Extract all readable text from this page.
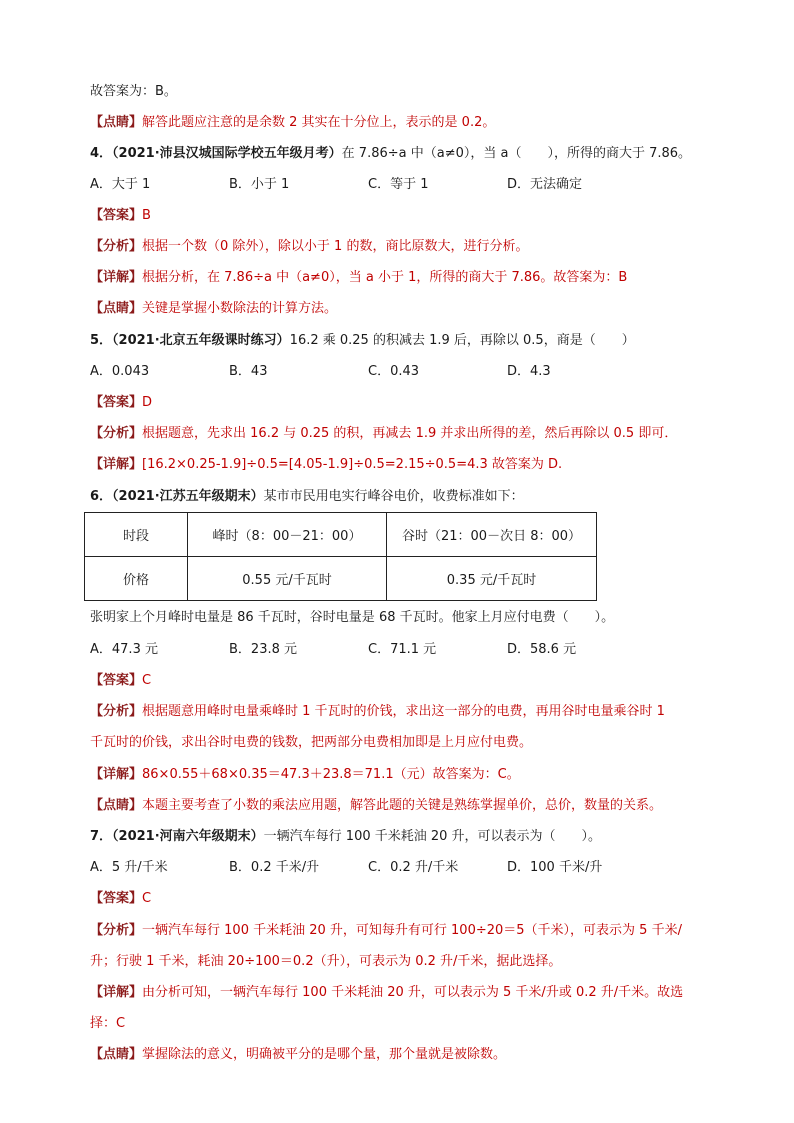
故答案为：B。
【点睛】解答此题应注意的是余数 2 其实在十分位上，表示的是 0.2。
4．（2021·沛县汉城国际学校五年级月考）在 7.86÷a 中（a≠0），当 a（　　），所得的商大于 7.86。
A．大于 1	B．小于 1	C．等于 1	D．无法确定
【答案】B
【分析】根据一个数（0 除外），除以小于 1 的数，商比原数大，进行分析。
【详解】根据分析，在 7.86÷a 中（a≠0），当 a 小于 1，所得的商大于 7.86。故答案为：B
【点睛】关键是掌握小数除法的计算方法。
5．（2021·北京五年级课时练习）16.2 乘 0.25 的积减去 1.9 后，再除以 0.5，商是（　　）
A．0.043	B．43	C．0.43	D．4.3
【答案】D
【分析】根据题意，先求出 16.2 与 0.25 的积，再减去 1.9 并求出所得的差，然后再除以 0.5 即可．
【详解】[16.2×0.25-1.9]÷0.5=[4.05-1.9]÷0.5=2.15÷0.5=4.3 故答案为 D.
6．（2021·江苏五年级期末）某市市民用电实行峰谷电价，收费标准如下：
时段	峰时（8：00－21：00）	谷时（21：00－次日 8：00）
价格	0.55 元/千瓦时	0.35 元/千瓦时
张明家上个月峰时电量是 86 千瓦时，谷时电量是 68 千瓦时。他家上月应付电费（　　）。
A．47.3 元	B．23.8 元	C．71.1 元	D．58.6 元
【答案】C
【分析】根据题意用峰时电量乘峰时 1 千瓦时的价钱，求出这一部分的电费，再用谷时电量乘谷时 1
千瓦时的价钱，求出谷时电费的钱数，把两部分电费相加即是上月应付电费。
【详解】86×0.55＋68×0.35＝47.3＋23.8＝71.1（元）故答案为：C。
【点睛】本题主要考查了小数的乘法应用题，解答此题的关键是熟练掌握单价，总价，数量的关系。
7．（2021·河南六年级期末）一辆汽车每行 100 千米耗油 20 升，可以表示为（　　）。
A．5 升/千米	B．0.2 千米/升	C．0.2 升/千米	D．100 千米/升
【答案】C
【分析】一辆汽车每行 100 千米耗油 20 升，可知每升有可行 100÷20＝5（千米），可表示为 5 千米/
升；行驶 1 千米，耗油 20÷100＝0.2（升），可表示为 0.2 升/千米，据此选择。
【详解】由分析可知，一辆汽车每行 100 千米耗油 20 升，可以表示为 5 千米/升或 0.2 升/千米。故选
择：C
【点睛】掌握除法的意义，明确被平分的是哪个量，那个量就是被除数。
